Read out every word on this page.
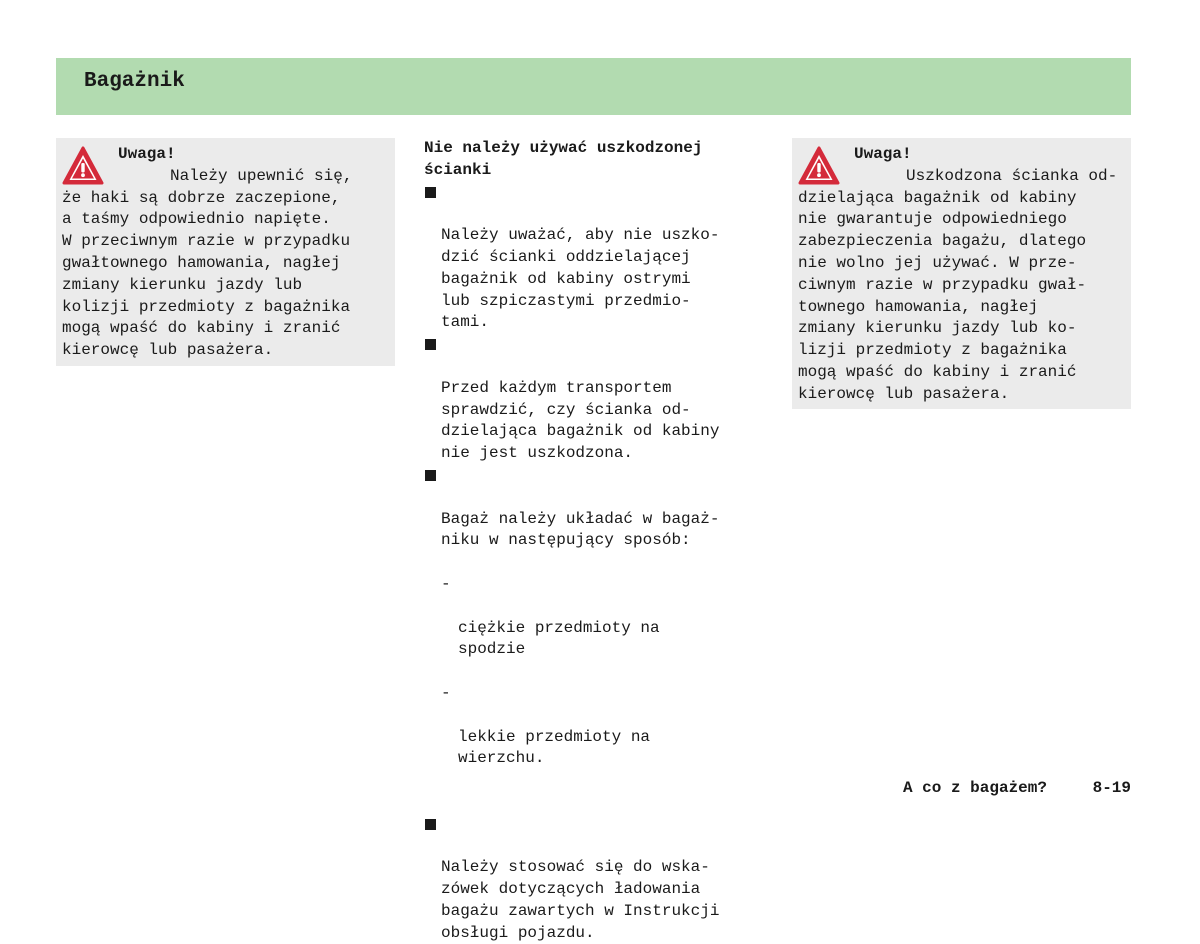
Bagażnik
Uwaga!
Należy upewnić się,
że haki są dobrze zaczepione,
a taśmy odpowiednio napięte.
W przeciwnym razie w przypadku
gwałtownego hamowania, nagłej
zmiany kierunku jazdy lub
kolizji przedmioty z bagażnika
mogą wpaść do kabiny i zranić
kierowcę lub pasażera.

Nie należy używać uszkodzonej
ścianki

Należy uważać, aby nie uszko-
dzić ścianki oddzielającej
bagażnik od kabiny ostrymi
lub szpiczastymi przedmio-
tami.

Przed każdym transportem
sprawdzić, czy ścianka od-
dzielająca bagażnik od kabiny
nie jest uszkodzona.

Bagaż należy układać w bagaż-
niku w następujący sposób:

-

ciężkie przedmioty na
spodzie

-

lekkie przedmioty na
wierzchu.

Należy stosować się do wska-
zówek dotyczących ładowania
bagażu zawartych w Instrukcji
obsługi pojazdu.

Uwaga!
Uszkodzona ścianka od-
dzielająca bagażnik od kabiny
nie gwarantuje odpowiedniego
zabezpieczenia bagażu, dlatego
nie wolno jej używać. W prze-
ciwnym razie w przypadku gwał-
townego hamowania, nagłej
zmiany kierunku jazdy lub ko-
lizji przedmioty z bagażnika
mogą wpaść do kabiny i zranić
kierowcę lub pasażera.
A co z bagażem?	8-19
